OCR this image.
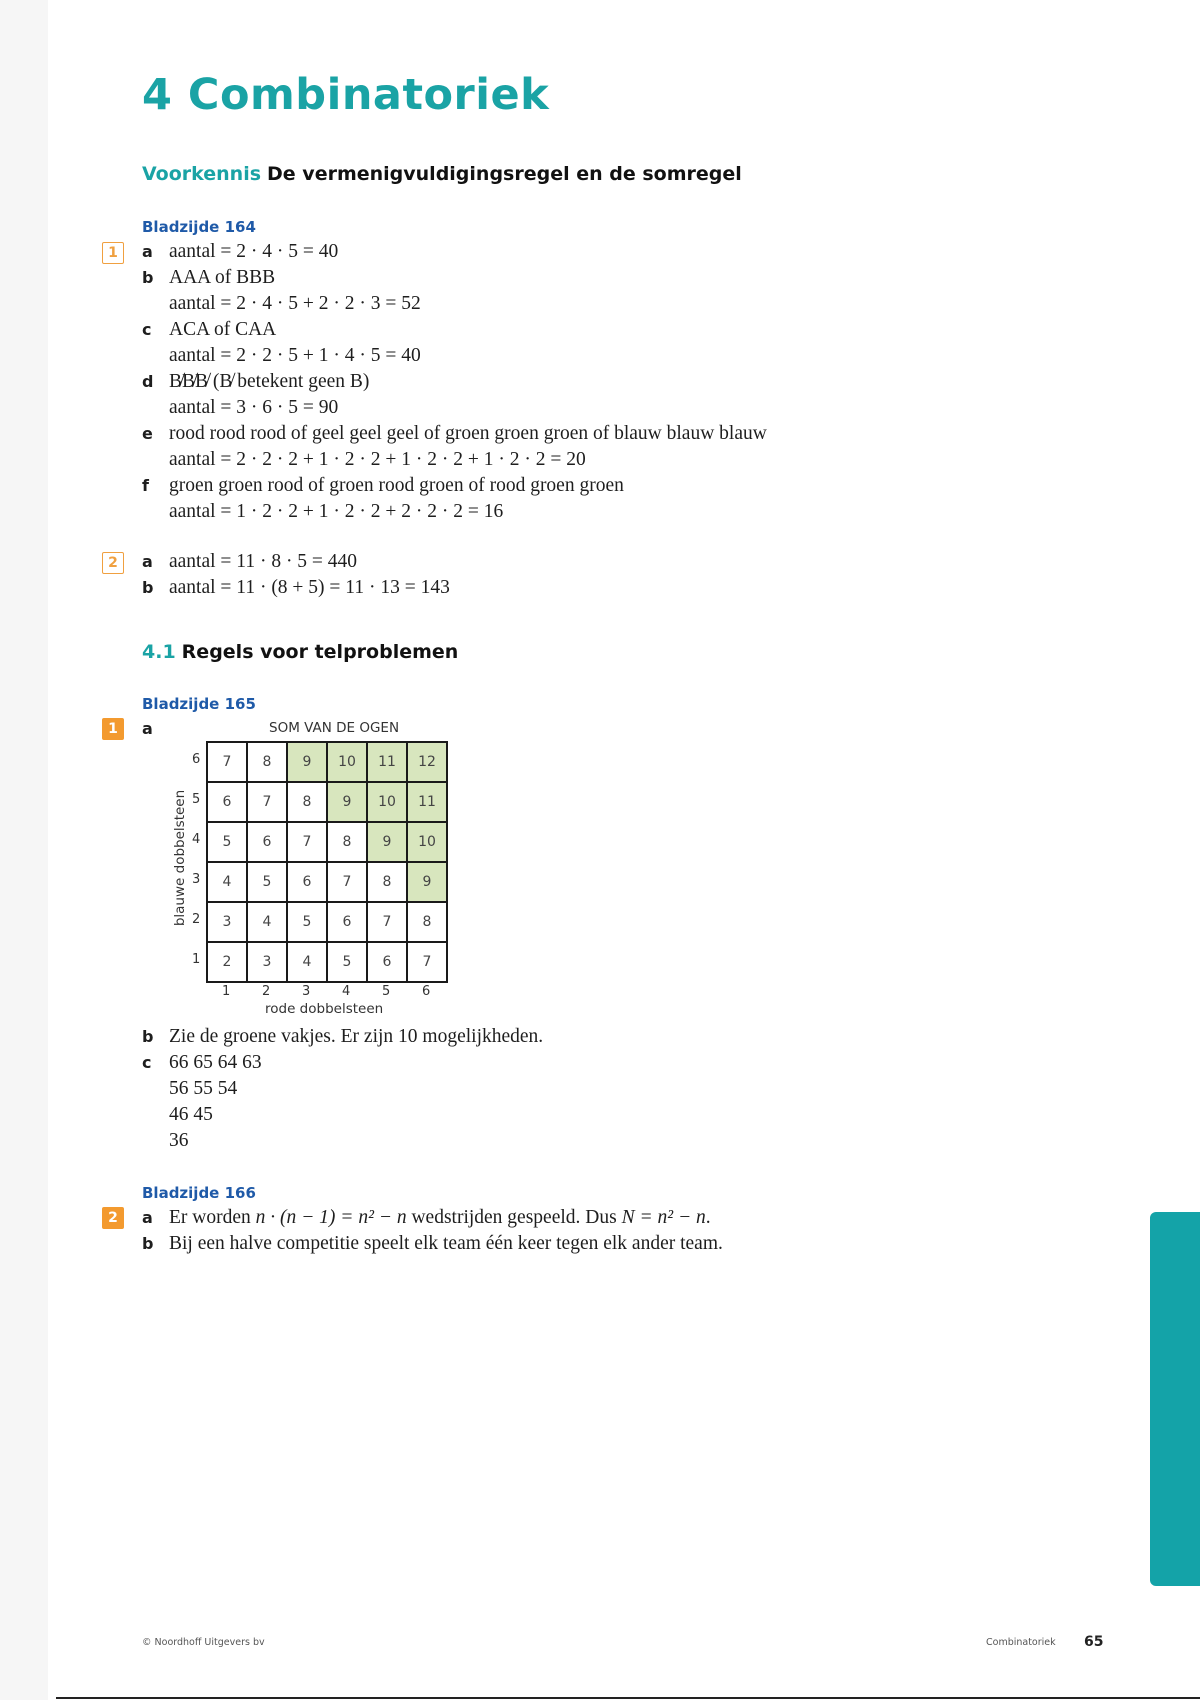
4 Combinatoriek
Voorkennis De vermenigvuldigingsregel en de somregel
Bladzijde 164
1	a aantal = 2 · 4 · 5 = 40
b AAA of BBB
aantal = 2 · 4 · 5 + 2 · 2 · 3 = 52
c ACA of CAA
aantal = 2 · 2 · 5 + 1 · 4 · 5 = 40
d B̸B̸B̸ (B̸ betekent geen B)
aantal = 3 · 6 · 5 = 90
e rood rood rood of geel geel geel of groen groen groen of blauw blauw blauw
aantal = 2 · 2 · 2 + 1 · 2 · 2 + 1 · 2 · 2 + 1 · 2 · 2 = 20
f groen groen rood of groen rood groen of rood groen groen
aantal = 1 · 2 · 2 + 1 · 2 · 2 + 2 · 2 · 2 = 16
2	a aantal = 11 · 8 · 5 = 440
b aantal = 11 · (8 + 5) = 11 · 13 = 143
4.1 Regels voor telproblemen
Bladzijde 165
1	a	SOM VAN DE OGEN
blauwe dobbelsteen
rode dobbelsteen
6
5
4
3
2
1
1 2 3 4 5 6
7	8	9	10	11	12
6	7	8	9	10	11
5	6	7	8	9	10
4	5	6	7	8	9
3	4	5	6	7	8
2	3	4	5	6	7
b Zie de groene vakjes. Er zijn 10 mogelijkheden.
c 66 65 64 63
56 55 54
46 45
36
Bladzijde 166
2	a Er worden n · (n − 1) = n² − n wedstrijden gespeeld. Dus N = n² − n.
b Bij een halve competitie speelt elk team één keer tegen elk ander team.
© Noordhoff Uitgevers bv	Combinatoriek 65
